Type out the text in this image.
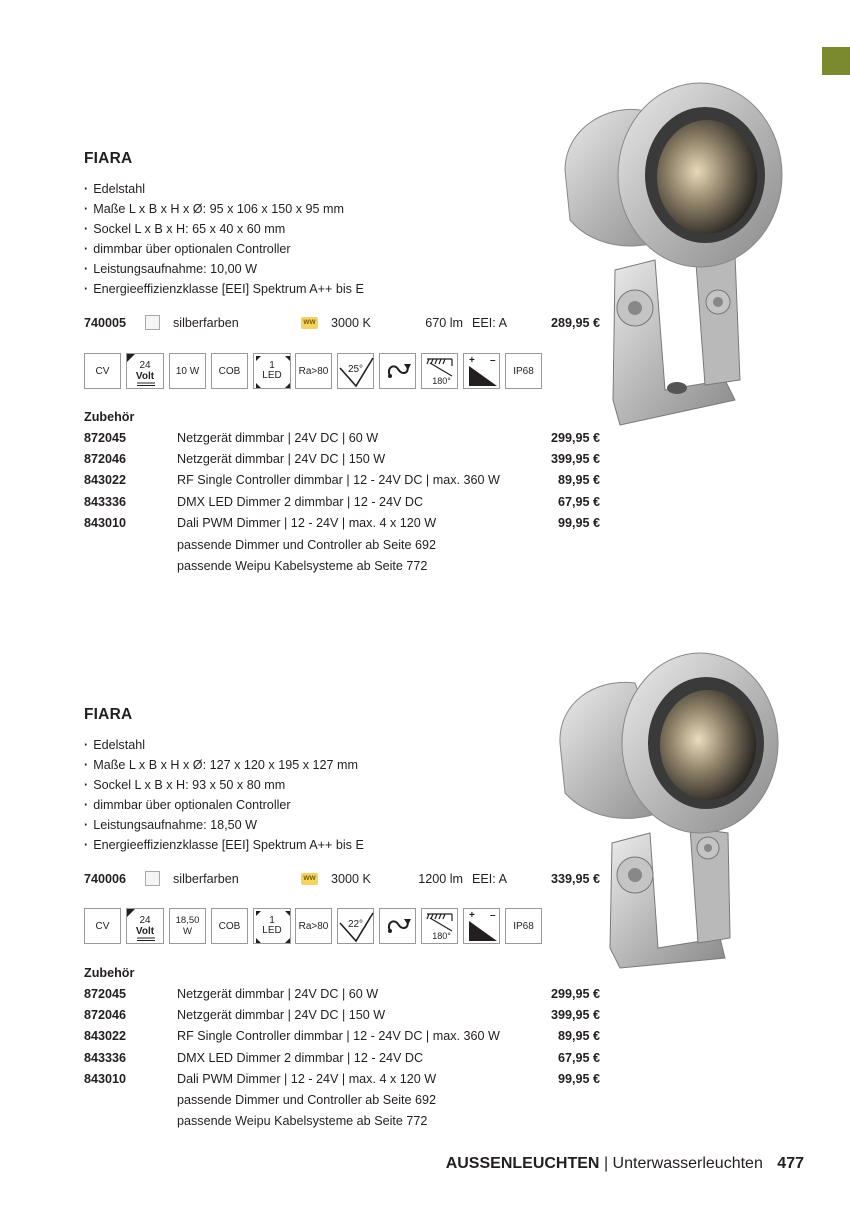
FIARA
· Edelstahl
· Maße L x B x H x Ø: 95 x 106 x 150 x 95 mm
· Sockel L x B x H: 65 x 40 x 60 mm
· dimmbar über optionalen Controller
· Leistungsaufnahme: 10,00 W
· Energieeffizienzklasse [EEI] Spektrum A++ bis E
740005	silberfarben	WW 3000 K	670 lm EEI: A	289,95 €
CV	24
Volt 10 W COB	1
LED Ra>80 25°
180°
+ –
IP68
Zubehör
872045	Netzgerät dimmbar | 24V DC | 60 W	299,95 €
872046	Netzgerät dimmbar | 24V DC | 150 W	399,95 €
843022	RF Single Controller dimmbar | 12 - 24V DC | max. 360 W	89,95 €
843336	DMX LED Dimmer 2 dimmbar | 12 - 24V DC	67,95 €
843010	Dali PWM Dimmer | 12 - 24V | max. 4 x 120 W	99,95 €
passende Dimmer und Controller ab Seite 692
passende Weipu Kabelsysteme ab Seite 772
FIARA
· Edelstahl
· Maße L x B x H x Ø: 127 x 120 x 195 x 127 mm
· Sockel L x B x H: 93 x 50 x 80 mm
· dimmbar über optionalen Controller
· Leistungsaufnahme: 18,50 W
· Energieeffizienzklasse [EEI] Spektrum A++ bis E
740006	silberfarben	WW 3000 K	1200 lm EEI: A	339,95 €
CV	24
Volt
18,50 W	COB	1
LED Ra>80 22°
180°
+ –
IP68
Zubehör
872045	Netzgerät dimmbar | 24V DC | 60 W	299,95 €
872046	Netzgerät dimmbar | 24V DC | 150 W	399,95 €
843022	RF Single Controller dimmbar | 12 - 24V DC | max. 360 W	89,95 €
843336	DMX LED Dimmer 2 dimmbar | 12 - 24V DC	67,95 €
843010	Dali PWM Dimmer | 12 - 24V | max. 4 x 120 W	99,95 €
passende Dimmer und Controller ab Seite 692
passende Weipu Kabelsysteme ab Seite 772
AUSSENLEUCHTEN | Unterwasserleuchten 477
